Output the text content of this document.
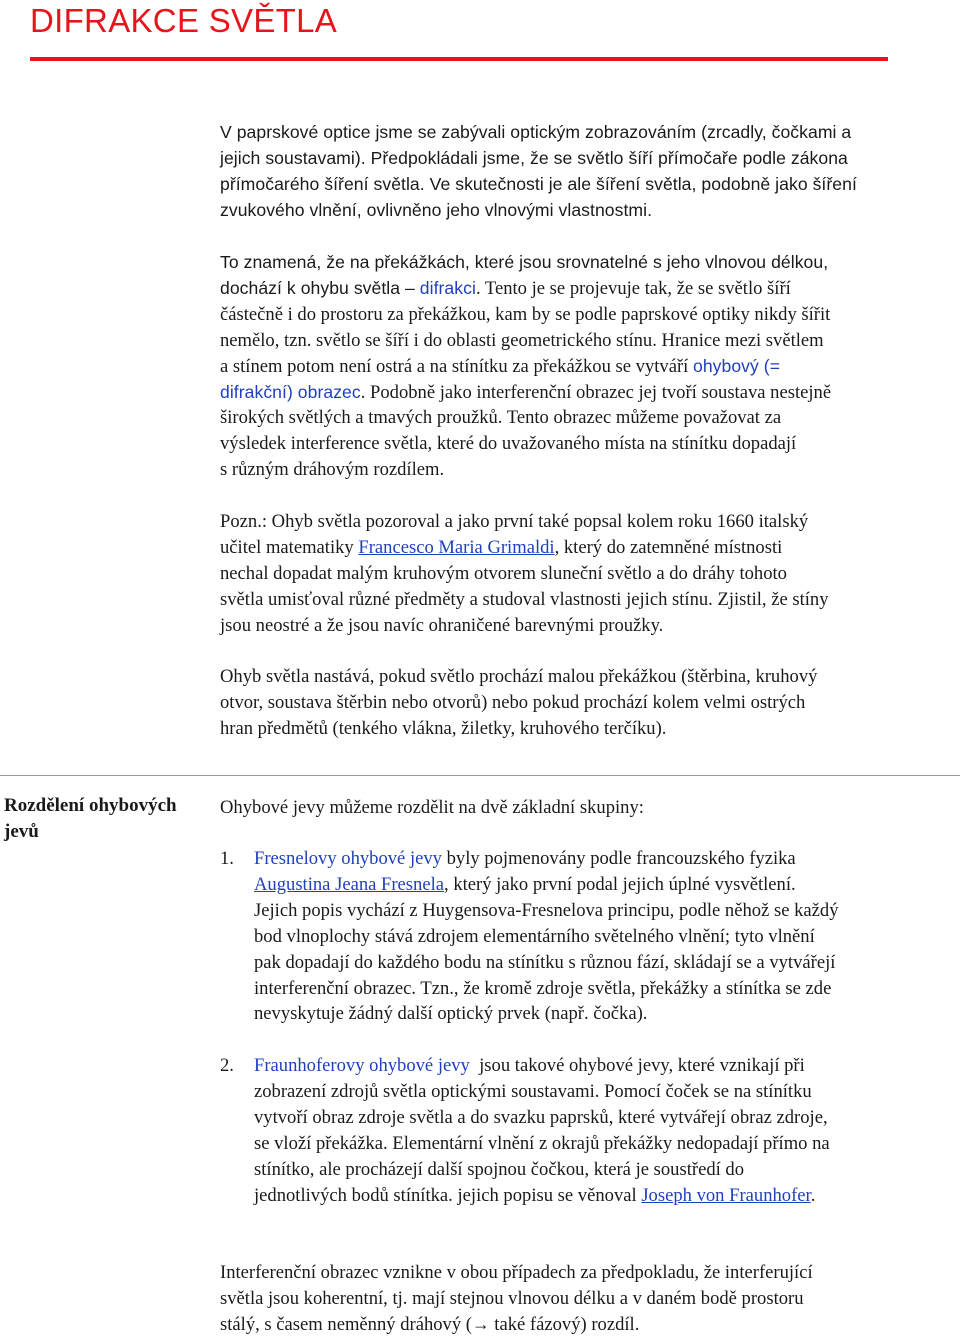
DIFRAKCE SVĚTLA
V paprskové optice jsme se zabývali optickým zobrazováním (zrcadly, čočkami a
jejich soustavami). Předpokládali jsme, že se světlo šíří přímočaře podle zákona
přímočarého šíření světla. Ve skutečnosti je ale šíření světla, podobně jako šíření
zvukového vlnění, ovlivněno jeho vlnovými vlastnostmi.
To znamená, že na překážkách, které jsou srovnatelné s jeho vlnovou délkou,
dochází k ohybu světla – difrakci. Tento je se projevuje tak, že se světlo šíří
částečně i do prostoru za překážkou, kam by se podle paprskové optiky nikdy šířit
nemělo, tzn. světlo se šíří i do oblasti geometrického stínu. Hranice mezi světlem
a stínem potom není ostrá a na stínítku za překážkou se vytváří ohybový (=
difrakční) obrazec. Podobně jako interferenční obrazec jej tvoří soustava nestejně
širokých světlých a tmavých proužků. Tento obrazec můžeme považovat za
výsledek interference světla, které do uvažovaného místa na stínítku dopadají
s různým dráhovým rozdílem.
Pozn.: Ohyb světla pozoroval a jako první také popsal kolem roku 1660 italský
učitel matematiky Francesco Maria Grimaldi, který do zatemněné místnosti
nechal dopadat malým kruhovým otvorem sluneční světlo a do dráhy tohoto
světla umisťoval různé předměty a studoval vlastnosti jejich stínu. Zjistil, že stíny
jsou neostré a že jsou navíc ohraničené barevnými proužky.
Ohyb světla nastává, pokud světlo prochází malou překážkou (štěrbina, kruhový
otvor, soustava štěrbin nebo otvorů) nebo pokud prochází kolem velmi ostrých
hran předmětů (tenkého vlákna, žiletky, kruhového terčíku).
Rozdělení ohybových jevů
Ohybové jevy můžeme rozdělit na dvě základní skupiny:
1. Fresnelovy ohybové jevy byly pojmenovány podle francouzského fyzika
Augustina Jeana Fresnela, který jako první podal jejich úplné vysvětlení.
Jejich popis vychází z Huygensova-Fresnelova principu, podle něhož se každý
bod vlnoplochy stává zdrojem elementárního světelného vlnění; tyto vlnění
pak dopadají do každého bodu na stínítku s různou fází, skládají se a vytvářejí
interferenční obrazec. Tzn., že kromě zdroje světla, překážky a stínítka se zde
nevyskytuje žádný další optický prvek (např. čočka).
2. Fraunhoferovy ohybové jevy  jsou takové ohybové jevy, které vznikají při
zobrazení zdrojů světla optickými soustavami. Pomocí čoček se na stínítku
vytvoří obraz zdroje světla a do svazku paprsků, které vytvářejí obraz zdroje,
se vloží překážka. Elementární vlnění z okrajů překážky nedopadají přímo na
stínítko, ale procházejí další spojnou čočkou, která je soustředí do
jednotlivých bodů stínítka. jejich popisu se věnoval Joseph von Fraunhofer.
Interferenční obrazec vznikne v obou případech za předpokladu, že interferující
světla jsou koherentní, tj. mají stejnou vlnovou délku a v daném bodě prostoru
stálý, s časem neměnný dráhový (→ také fázový) rozdíl.
